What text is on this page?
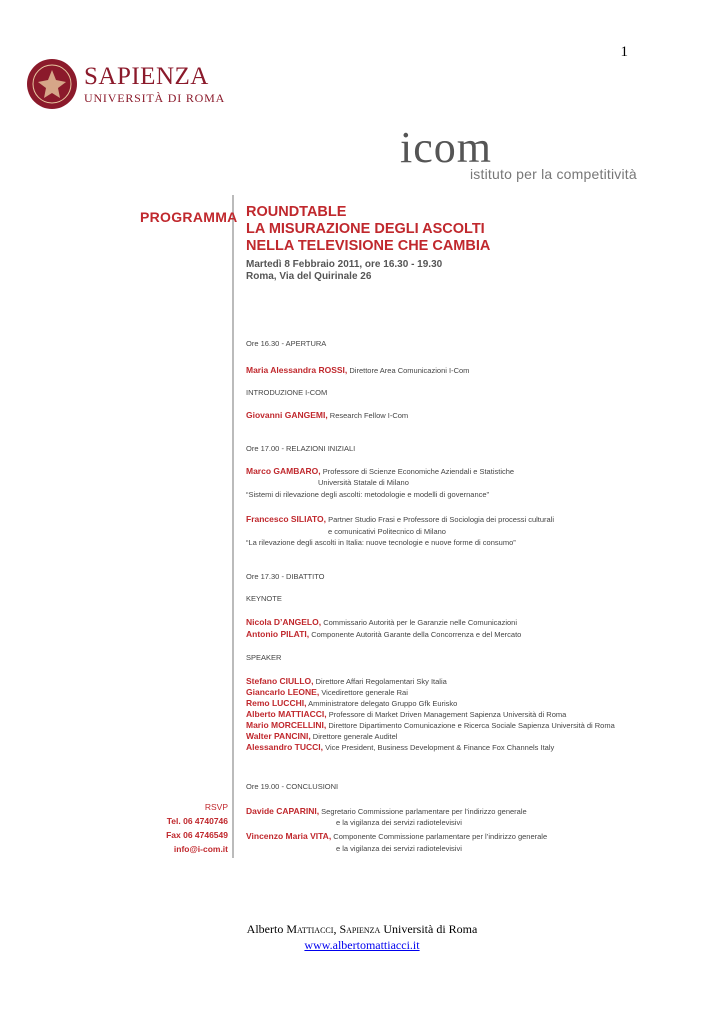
1
SAPIENZA
UNIVERSITÀ DI ROMA
icom
istituto per la competitività
PROGRAMMA ROUNDTABLE
LA MISURAZIONE DEGLI ASCOLTI
NELLA TELEVISIONE CHE CAMBIA
Martedì 8 Febbraio 2011, ore 16.30 - 19.30
Roma, Via del Quirinale 26
Ore 16.30 - APERTURA
Maria Alessandra ROSSI, Direttore Area Comunicazioni I-Com
INTRODUZIONE I-COM
Giovanni GANGEMI, Research Fellow I-Com
Ore 17.00 - RELAZIONI INIZIALI
Marco GAMBARO, Professore di Scienze Economiche Aziendali e Statistiche
Università Statale di Milano
“Sistemi di rilevazione degli ascolti: metodologie e modelli di governance”
Francesco SILIATO, Partner Studio Frasi e Professore di Sociologia dei processi culturali
e comunicativi Politecnico di Milano
“La rilevazione degli ascolti in Italia: nuove tecnologie e nuove forme di consumo”
Ore 17.30 - DIBATTITO
KEYNOTE
Nicola D’ANGELO, Commissario Autorità per le Garanzie nelle Comunicazioni
Antonio PILATI, Componente Autorità Garante della Concorrenza e del Mercato
SPEAKER
Stefano CIULLO, Direttore Affari Regolamentari Sky Italia
Giancarlo LEONE, Vicedirettore generale Rai
Remo LUCCHI, Amministratore delegato Gruppo Gfk Eurisko
Alberto MATTIACCI, Professore di Market Driven Management Sapienza Università di Roma
Mario MORCELLINI, Direttore Dipartimento Comunicazione e Ricerca Sociale Sapienza Università di Roma
Walter PANCINI, Direttore generale Auditel
Alessandro TUCCI, Vice President, Business Development & Finance Fox Channels Italy
Ore 19.00 - CONCLUSIONI
Davide CAPARINI, Segretario Commissione parlamentare per l’indirizzo generale
e la vigilanza dei servizi radiotelevisivi
Vincenzo Maria VITA, Componente Commissione parlamentare per l’indirizzo generale
e la vigilanza dei servizi radiotelevisivi
RSVP
Tel. 06 4740746
Fax 06 4746549
info@i-com.it
Alberto Mattiacci, Sapienza Università di Roma
www.albertomattiacci.it
